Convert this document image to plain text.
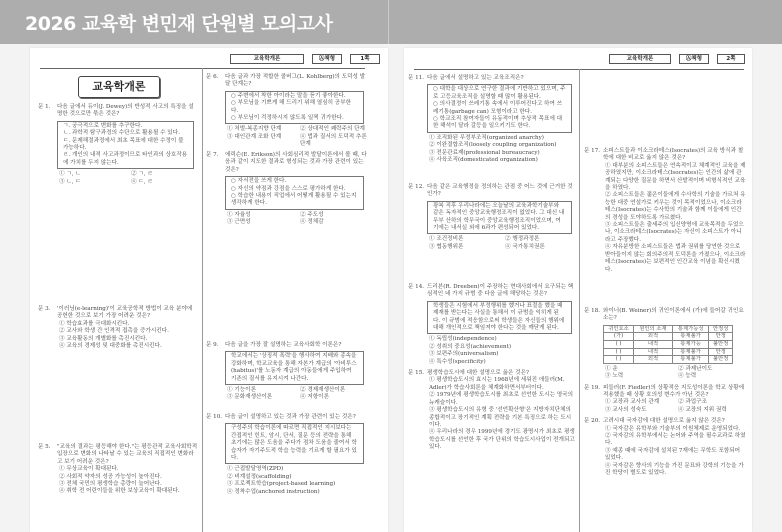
2026 교육학 변민재 단원별 모의고사
교육학개론	Ⓐ책형	1쪽
교육학개론
문 1.	다음 글에서 듀이(J. Dewey)의 반성적 사고의 특징을 설명한 것으로만 묶은 것은?
ㄱ. 궁극적으로 변화를 추구한다.
ㄴ. 과학적 탐구과정의 수단으로 활용될 수 있다.
ㄷ. 문제해결과정에서 최초 목표에 대한 수정이 불가능하다.
ㄹ. 개인의 내적 사고과정이므로 타인과의 상호작용에 가치를 두지 않는다.
① ㄱ, ㄴ	② ㄱ, ㄹ
③ ㄴ, ㄷ	④ ㄷ, ㄹ
문 3.	'이러닝(e-learning)'이 교육공학적 방법이 교육 분야에 공헌한 것으로 보기 가장 어려운 것은?
① 학습효과를 극대화시킨다.
② 교사와 학생 간 인격적 접촉을 증가시킨다.
③ 교육활동의 개별화를 촉진시킨다.
④ 교육의 경제성 및 대중화를 촉진시킨다.
문 5.	"교육의 결과는 평등해야 한다."는 평등관적 교육사회학적 입장으로 변화의 나타날 수 있는 교육의 직접적인 변화라고 보기 어려운 것은?
① 무상교육이 확대된다.
② 사회적 약자의 성공 가능성이 높아진다.
③ 전체 국민의 평생학습 총량이 늘어난다.
④ 취학 전 어린이들을 위한 보상교육이 확대된다.
문 6.	다음 글과 가장 적합한 콜버그(L. Kohlberg)의 도덕성 발달 단계는?
○ 주변에서 착한 아이라는 말을 듣기 좋아한다.
○ 부모님을 기쁘게 해 드리기 위해 열심히 공부한다.
○ 부모님이 걱정하시지 않도록 일찍 귀가한다.
① 처벌-복종지향 단계	② 상대적인 쾌락주의 단계
③ 대인관계 조화 단계	④ 법과 질서의 도덕적 추론 단계
문 7.	에릭슨(E. Erikson)의 사회심리적 발달이론에서 볼 때, 다음과 같이 지도한 결과로 형성되는 것과 가장 관련이 있는 것은?
○ 자서전을 쓰게 한다.
○ 자신의 약점과 강점을 스스로 평가하게 한다.
○ 학습한 내용이 직업에서 어떻게 활용될 수 있는지 생각하게 한다.
① 자율성	② 주도성
③ 근면성	④ 정체감
문 9.	다음 글을 가장 잘 설명하는 교육사회학 이론은?
학교에서는 '상징적 폭력'을 행사하여 지배와 종속을 강화하며, 학교교육을 통해 자본가 계급의 '아비투스(habitus)'를 노동자 계급의 아동들에게 주입하여 기존의 질서를 유지시켜 나간다.
① 기능이론	② 경제재생산이론
③ 문화재생산이론	④ 저항이론
문 10. 다음 글이 설명하고 있는 것과 가장 관련이 있는 것은?
구성주의 학습이론에 따르면 직접적인 지시보다는 간접적인 힌트, 암시, 단서, 질문 등의 전략을 통해 초기에는 많은 도움을 주다가 점차 도움을 줄여서 학습자가 자기주도적 학습 능력을 기르게 할 필요가 있다.
① 근접발달영역(ZPD)
② 비계설정(scaffolding)
③ 프로젝트학습(project-based learning)
④ 정착수업(anchored instruction)
교육학개론	Ⓐ책형	2쪽
문 11. 다음 글에서 설명하고 있는 교육조직은?
○ 대학을 대상으로 연구한 결과에 기반하고 있으며, 주로 고등교육조직을 설명할 때 많이 활용된다.
○ 의사결정이 쓰레기통 속에서 이루어진다고 하여 쓰레기통(garbage can) 모형이라고 한다.
○ 학교조직 참여자들이 유동적이며 추상적 목표에 대한 해석이 달라 갈등을 일으키기도 한다.
① 조직화된 무정부조직(organized anarchy)
② 이완결합조직(loosely coupling organization)
③ 전문관료제(professional bureaucracy)
④ 사육조직(domesticated organization)
문 12. 다음 같은 교육행정을 정의하는 관점 중 어느 것에 근거한 것인가?
광복 직후 우리나라에는 오늘날의 교육과학기술부와 같은 독자적인 중앙교육행정조직이 없었다. 그 대신 내무부 산하의 학무국이 중앙교육행정조직이었으며, 여기에는 내서실 외에 6과가 편성되어 있었다.
① 조건정비론	② 행정과정론
③ 협동행위론	④ 국가통치권론
문 14. 드리븐(R. Dreeben)이 주장하는 현대사회에서 요구되는 핵심적인 네 가지 규범 중 다음 글에 해당하는 것은?
학생들은 시험에서 부정행위를 했거나 표절을 했을 때 제재를 받는다는 사실을 통해서 이 규범을 익히게 된다. 이 규범에 적응함으로써 학생들은 자신들의 행위에 대해 개인적으로 책임져야 한다는 것을 깨닫게 된다.
① 독립성(independence)
② 성취의 중요성(achievement)
③ 보편주의(universalism)
④ 특수성(specificity)
문 15. 평생학습도시에 대한 설명으로 옳은 것은?
① 평생학습도시의 효시는 1968년에 세워진 애들러(M. Adler)가 학습사회론을 체계화하면서부터이다.
② 1979년에 평생학습도시를 최초로 선언한 도시는 영국의 뉴캐슬이다.
③ 평생학습도시의 유형 중 '선언확산형'은 지방자치단체의 종합적이고 장기적인 계획 전략을 기본 특징으로 하는 도시이다.
④ 우리나라의 경우 1999년에 경기도 광명시가 최초로 평생학습도시를 선언한 후 국가 단위의 학습도시사업이 전개되고 있다.
문 17. 소피스트들과 이소크라테스(Isocrates)의 교육 방식과 철학에 대한 비교로 옳지 않은 것은?
① 대부분의 소피스트들은 연속적이고 체계적인 교육을 제공하였지만, 이소크라테스(Isocrates)는 인간의 삶에 관계되는 다양한 질문을 하면서 산발적이며 비형식적인 교육을 하였다.
② 소피스트들은 젊은이들에게 수사학의 기술을 가르쳐 유능한 대중 연설가로 키우는 것이 목적이었으나, 이소크라테스(Isocrates)는 수사학의 기술과 함께 이들에게 인간의 경성을 도야하도록 가르쳤다.
③ 소피스트들은 출세주의 입신양명에 교육목적을 두었으나, 이소크라테스(Isocrates)는 자신이 소피스트가 아니라고 주장했다.
④ 자유분방한 소피스트들은 법과 권위를 당연한 것으로 받아들이지 않는 회의주의적 도덕론을 가졌으나, 이소크라테스(Isocrates)는 보편적인 인간교육 이념을 확신시켰다.
문 18. 와이너(B. Weiner)의 귀인이론에서 (가)에 들어갈 귀인요소는?
귀인요소	원인의 소재	통제가능성	안정성
(가)	외적	통제불가	안정
( )	내적	통제가능	불안정
( )	내적	통제불가	안정
( )	외적	통제불가	불안정
① 운	② 과제난이도
③ 노력	④ 능력
문 19. 피들러(F. Fiedler)의 상황적응 지도성이론을 학교 상황에 적용했을 때 상황 호의성 변수가 아닌 것은?
① 교장과 교사의 관계	② 과업구조
③ 교사의 성숙도	④ 교장의 지위 권력
문 20. 고려시대 국자감에 대한 설명으로 옳지 않은 것은?
① 국자감은 유학부와 기술부의 이원체제로 운영되었다.
② 국자감의 유학부에서는 논어와 주역을 필수교과로 하였다.
③ 예종 때에 국자감에 설치된 7재에는 무학도 포함되어 있었다.
④ 국자감은 향사의 기능을 가진 문묘와 강학의 기능을 가진 학당이 별도로 있었다.
